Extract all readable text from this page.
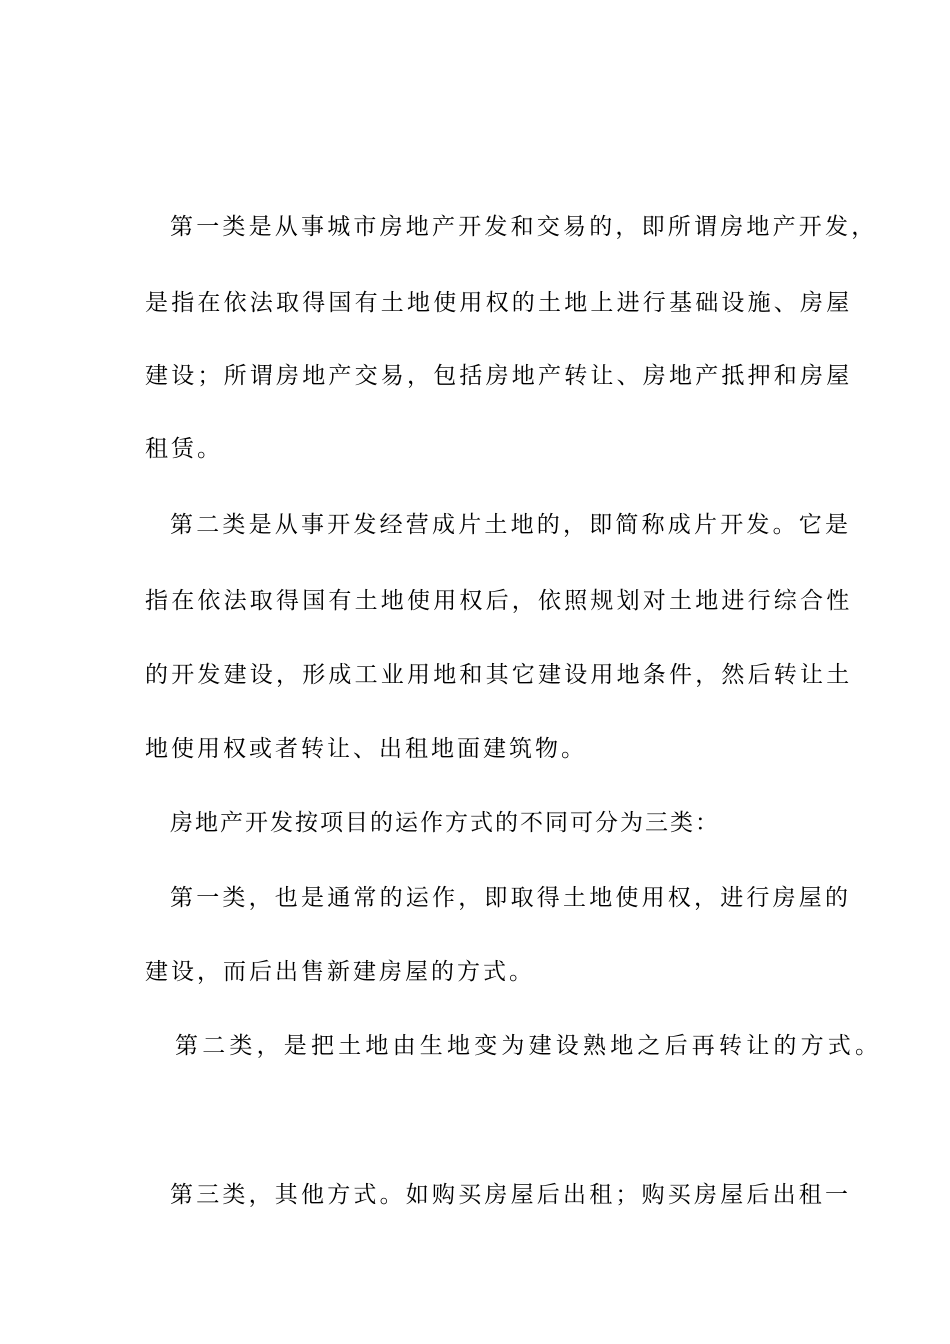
第一类是从事城市房地产开发和交易的，即所谓房地产开发，
是指在依法取得国有土地使用权的土地上进行基础设施、房屋
建设；所谓房地产交易，包括房地产转让、房地产抵押和房屋
租赁。
第二类是从事开发经营成片土地的，即简称成片开发。它是
指在依法取得国有土地使用权后，依照规划对土地进行综合性
的开发建设，形成工业用地和其它建设用地条件，然后转让土
地使用权或者转让、出租地面建筑物。
房地产开发按项目的运作方式的不同可分为三类：
第一类，也是通常的运作，即取得土地使用权，进行房屋的
建设，而后出售新建房屋的方式。
第二类，是把土地由生地变为建设熟地之后再转让的方式。
第三类，其他方式。如购买房屋后出租；购买房屋后出租一
